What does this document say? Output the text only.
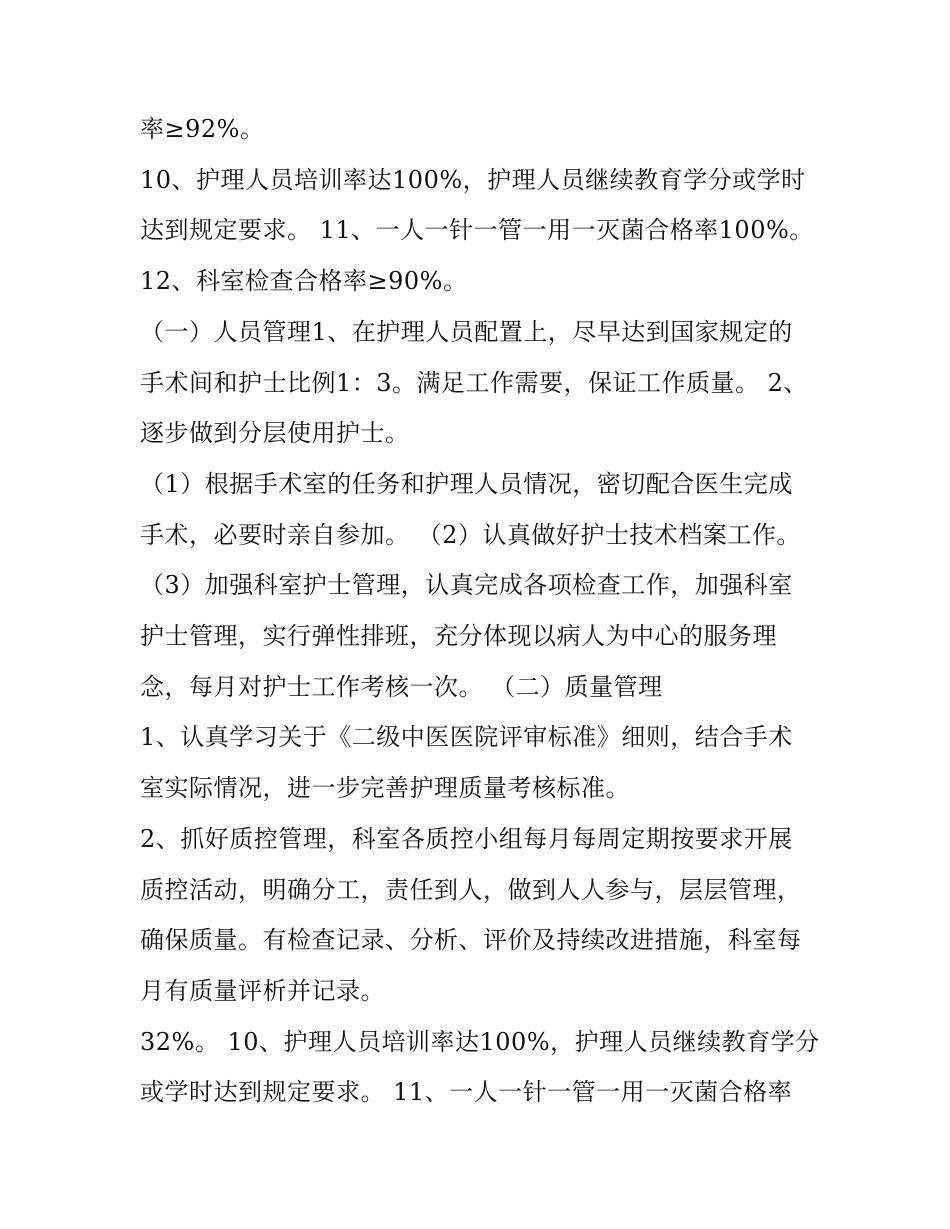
率≥92%。
10、护理人员培训率达100%，护理人员继续教育学分或学时
达到规定要求。 11、一人一针一管一用一灭菌合格率100%。
12、科室检查合格率≥90%。
（一）人员管理1、在护理人员配置上，尽早达到国家规定的
手术间和护士比例1：3。满足工作需要，保证工作质量。 2、
逐步做到分层使用护士。
（1）根据手术室的任务和护理人员情况，密切配合医生完成
手术，必要时亲自参加。 （2）认真做好护士技术档案工作。
（3）加强科室护士管理，认真完成各项检查工作，加强科室
护士管理，实行弹性排班，充分体现以病人为中心的服务理
念，每月对护士工作考核一次。 （二）质量管理
1、认真学习关于《二级中医医院评审标准》细则，结合手术
室实际情况，进一步完善护理质量考核标准。
2、抓好质控管理，科室各质控小组每月每周定期按要求开展
质控活动，明确分工，责任到人，做到人人参与，层层管理，
确保质量。有检查记录、分析、评价及持续改进措施，科室每
月有质量评析并记录。
32%。 10、护理人员培训率达100%，护理人员继续教育学分
或学时达到规定要求。 11、一人一针一管一用一灭菌合格率
